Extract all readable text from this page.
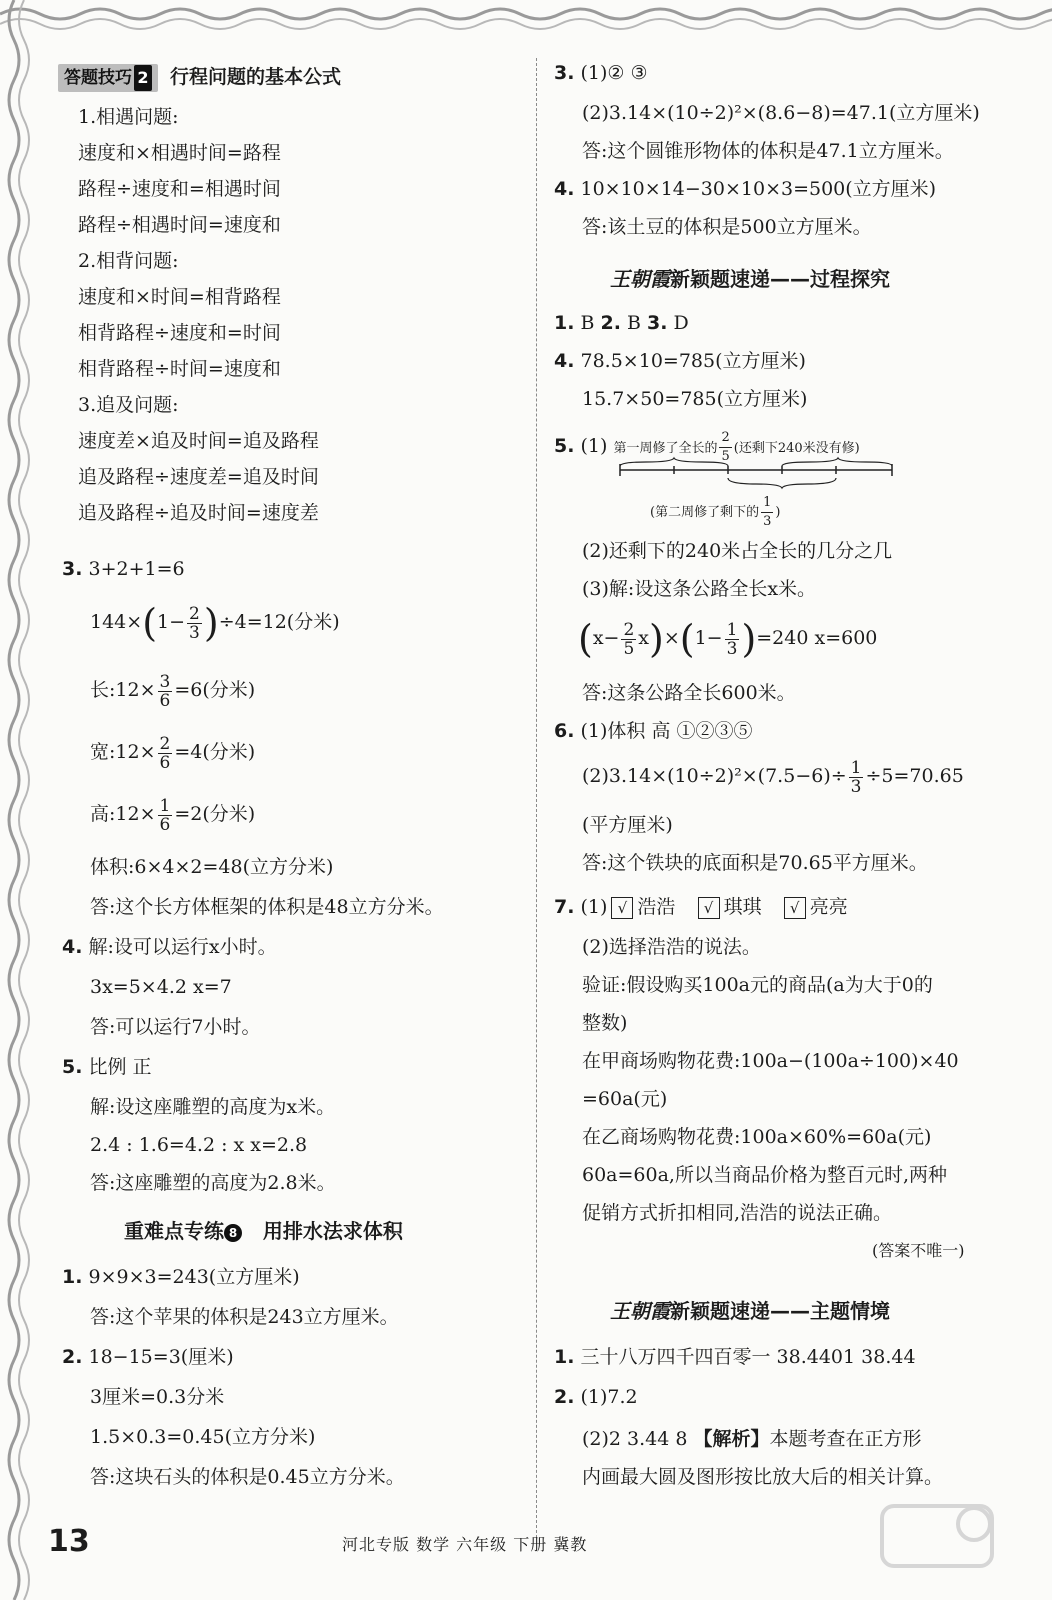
答题技巧 2 行程问题的基本公式
1.相遇问题:
速度和×相遇时间=路程
路程÷速度和=相遇时间
路程÷相遇时间=速度和
2.相背问题:
速度和×时间=相背路程
相背路程÷速度和=时间
相背路程÷时间=速度和
3.追及问题:
速度差×追及时间=追及路程
追及路程÷速度差=追及时间
追及路程÷追及时间=速度差
3. 3+2+1=6
$144\times(1- \frac{2}{3} )\div 4=12$(分米)
长:12× $\frac{3}{6} =6$(分米)
宽:12× $\frac{2}{6} =4$(分米)
高:12× $\frac{1}{6} =2$(分米)
体积:6×4×2=48(立方分米)
答:这个长方体框架的体积是48立方分米。
4. 解:设可以运行x小时。
3x=5×4.2 x=7
答:可以运行7小时。
5. 比例 正
解:设这座雕塑的高度为x米。
2.4 : 1.6=4.2 : x x=2.8
答:这座雕塑的高度为2.8米。
重难点专练 8 用排水法求体积
1. 9×9×3=243(立方厘米)
答:这个苹果的体积是243立方厘米。
2. 18−15=3(厘米)
3厘米=0.3分米
1.5×0.3=0.45(立方分米)
答:这块石头的体积是0.45立方分米。
3. (1)② ③
(2)3.14×(10÷2)²×(8.6−8)=47.1(立方厘米)
答:这个圆锥形物体的体积是47.1立方厘米。
4. 10×10×14−30×10×3=500(立方厘米)
答:该土豆的体积是500立方厘米。
王朝霞新颖题速递——过程探究
1. B 2. B 3. D
4. 78.5×10=785(立方厘米)
15.7×50=785(立方厘米)
5. (1) 第一周修了全长的 $\frac{2}{5}$ (还剩下240米没有修)
(第二周修了剩下的 $\frac{1}{3}$ )
(2)还剩下的240米占全长的几分之几
(3)解:设这条公路全长x米。
$(x- \frac{2}{5} x)\times(1- \frac{1}{3} )=240$ x=600
答:这条公路全长600米。
6. (1)体积 高 ①②③⑤
$(2)3.14\times(10\div 2)^2\times(7.5-6)\div \frac{1}{3} \div 5=70.65$
(平方厘米)
答:这个铁块的底面积是70.65平方厘米。
7. (1) √ 浩浩 √ 琪琪 √ 亮亮
(2)选择浩浩的说法。
验证:假设购买100a元的商品(a为大于0的
整数)
在甲商场购物花费:100a−(100a÷100)×40
=60a(元)
在乙商场购物花费:100a×60%=60a(元)
60a=60a,所以当商品价格为整百元时,两种
促销方式折扣相同,浩浩的说法正确。
(答案不唯一)
王朝霞新颖题速递——主题情境
1. 三十八万四千四百零一 38.4401 38.44
2. (1)7.2
(2)2 3.44 8 【解析】本题考查在正方形
内画最大圆及图形按比放大后的相关计算。
13	河北专版 数学 六年级 下册 冀教
